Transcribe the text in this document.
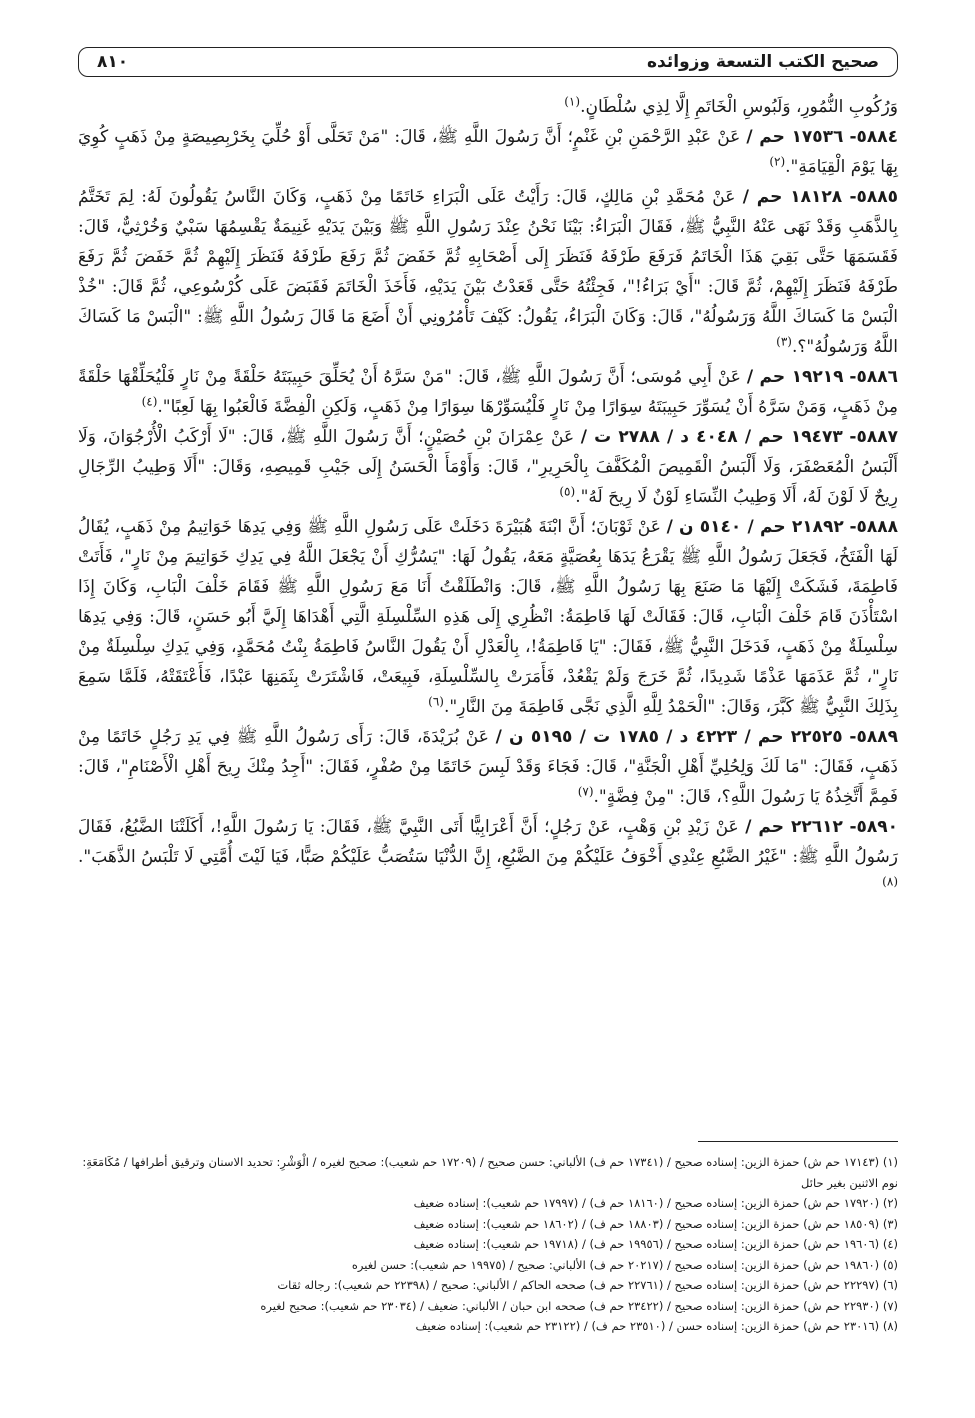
صحيح الكتب التسعة وزوائده
٨١٠

وَرُكُوبِ النُّمُورِ، وَلَبُوسِ الْخَاتَمِ إِلَّا لِذِي سُلْطَانٍ.$^{(١)}$

٥٨٨٤- ١٧٥٣٦ حم / عَنْ عَبْدِ الرَّحْمَنِ بْنِ غَنْمٍ؛ أَنَّ رَسُولَ اللَّهِ ﷺ، قَالَ: "مَنْ تَحَلَّى أَوْ حُلِّيَ بِخَرْبِصِيصَةٍ مِنْ ذَهَبٍ كُوِيَ بِهَا يَوْمَ الْقِيَامَةِ".$^{(٢)}$

٥٨٨٥- ١٨١٢٨ حم / عَنْ مُحَمَّدِ بْنِ مَالِكٍ، قَالَ: رَأَيْتُ عَلَى الْبَرَاءِ خَاتَمًا مِنْ ذَهَبٍ، وَكَانَ النَّاسُ يَقُولُونَ لَهُ: لِمَ تَخَتَّمُ بِالذَّهَبِ وَقَدْ نَهَى عَنْهُ النَّبِيُّ ﷺ، فَقَالَ الْبَرَاءُ: بَيْنَا نَحْنُ عِنْدَ رَسُولِ اللَّهِ ﷺ وَبَيْنَ يَدَيْهِ غَنِيمَةٌ يَقْسِمُهَا سَبْيٌ وَخُرْثِيٌّ، قَالَ: فَقَسَمَهَا حَتَّى بَقِيَ هَذَا الْخَاتَمُ فَرَفَعَ طَرْفَهُ فَنَظَرَ إِلَى أَصْحَابِهِ ثُمَّ خَفَضَ ثُمَّ رَفَعَ طَرْفَهُ فَنَظَرَ إِلَيْهِمْ ثُمَّ خَفَضَ ثُمَّ رَفَعَ طَرْفَهُ فَنَظَرَ إِلَيْهِمْ، ثُمَّ قَالَ: "أَيْ بَرَاءُ!"، فَجِئْتُهُ حَتَّى قَعَدْتُ بَيْنَ يَدَيْهِ، فَأَخَذَ الْخَاتَمَ فَقَبَضَ عَلَى كُرْسُوعِي، ثُمَّ قَالَ: "خُذْ الْبَسْ مَا كَسَاكَ اللَّهُ وَرَسُولُهُ"، قَالَ: وَكَانَ الْبَرَاءُ، يَقُولُ: كَيْفَ تَأْمُرُونِي أَنْ أَضَعَ مَا قَالَ رَسُولُ اللَّهِ ﷺ: "الْبَسْ مَا كَسَاكَ اللَّهُ وَرَسُولُهُ"؟.$^{(٣)}$

٥٨٨٦- ١٩٢١٩ حم / عَنْ أَبِي مُوسَى؛ أَنَّ رَسُولَ اللَّهِ ﷺ، قَالَ: "مَنْ سَرَّهُ أَنْ يُحَلِّقَ حَبِيبَتَهُ حَلْقَةً مِنْ نَارٍ فَلْيُحَلِّقْهَا حَلْقَةً مِنْ ذَهَبٍ، وَمَنْ سَرَّهُ أَنْ يُسَوِّرَ حَبِيبَتَهُ سِوَارًا مِنْ نَارٍ فَلْيُسَوِّرْهَا سِوَارًا مِنْ ذَهَبٍ، وَلَكِنِ الْفِضَّةَ فَالْعَبُوا بِهَا لَعِبًا".$^{(٤)}$

٥٨٨٧- ١٩٤٧٣ حم / ٤٠٤٨ د / ٢٧٨٨ ت / عَنْ عِمْرَانَ بْنِ حُصَيْنٍ؛ أَنَّ رَسُولَ اللَّهِ ﷺ، قَالَ: "لَا أَرْكَبُ الْأُرْجُوَانَ، وَلَا أَلْبَسُ الْمُعَصْفَرَ، وَلَا أَلْبَسُ الْقَمِيصَ الْمُكَفَّفَ بِالْحَرِيرِ"، قَالَ: وَأَوْمَأَ الْحَسَنُ إِلَى جَيْبِ قَمِيصِهِ، وَقَالَ: "أَلَا وَطِيبُ الرِّجَالِ رِيحٌ لَا لَوْنَ لَهُ، أَلَا وَطِيبُ النِّسَاءِ لَوْنٌ لَا رِيحَ لَهُ".$^{(٥)}$

٥٨٨٨- ٢١٨٩٢ حم / ٥١٤٠ ن / عَنْ ثَوْبَانَ؛ أَنَّ ابْنَةَ هُبَيْرَةَ دَخَلَتْ عَلَى رَسُولِ اللَّهِ ﷺ وَفِي يَدِهَا خَوَاتِيمُ مِنْ ذَهَبٍ، يُقَالُ لَهَا الْفَتَخُ، فَجَعَلَ رَسُولُ اللَّهِ ﷺ يَقْرَعُ يَدَهَا بِعُصَيَّةٍ مَعَهُ، يَقُولُ لَهَا: "يَسُرُّكِ أَنْ يَجْعَلَ اللَّهُ فِي يَدِكِ خَوَاتِيمَ مِنْ نَارٍ"، فَأَتَتْ فَاطِمَةَ، فَشَكَتْ إِلَيْهَا مَا صَنَعَ بِهَا رَسُولُ اللَّهِ ﷺ، قَالَ: وَانْطَلَقْتُ أَنَا مَعَ رَسُولِ اللَّهِ ﷺ فَقَامَ خَلْفَ الْبَابِ، وَكَانَ إِذَا اسْتَأْذَنَ قَامَ خَلْفَ الْبَابِ، قَالَ: فَقَالَتْ لَهَا فَاطِمَةُ: انْظُرِي إِلَى هَذِهِ السِّلْسِلَةِ الَّتِي أَهْدَاهَا إِلَيَّ أَبُو حَسَنٍ، قَالَ: وَفِي يَدِهَا سِلْسِلَةٌ مِنْ ذَهَبٍ، فَدَخَلَ النَّبِيُّ ﷺ، فَقَالَ: "يَا فَاطِمَةُ!، بِالْعَدْلِ أَنْ يَقُولَ النَّاسُ فَاطِمَةُ بِنْتُ مُحَمَّدٍ، وَفِي يَدِكِ سِلْسِلَةٌ مِنْ نَارٍ"، ثُمَّ عَذَمَهَا عَذْمًا شَدِيدًا، ثُمَّ خَرَجَ وَلَمْ يَقْعُدْ، فَأَمَرَتْ بِالسِّلْسِلَةِ، فَبِيعَتْ، فَاشْتَرَتْ بِثَمَنِهَا عَبْدًا، فَأَعْتَقَتْهُ، فَلَمَّا سَمِعَ بِذَلِكَ النَّبِيُّ ﷺ كَبَّرَ، وَقَالَ: "الْحَمْدُ لِلَّهِ الَّذِي نَجَّى فَاطِمَةَ مِنَ النَّارِ".$^{(٦)}$

٥٨٨٩- ٢٢٥٢٥ حم / ٤٢٢٣ د / ١٧٨٥ ت / ٥١٩٥ ن / عَنْ بُرَيْدَةَ، قَالَ: رَأَى رَسُولُ اللَّهِ ﷺ فِي يَدِ رَجُلٍ خَاتَمًا مِنْ ذَهَبٍ، فَقَالَ: "مَا لَكَ وَلِحُلِيِّ أَهْلِ الْجَنَّةِ"، قَالَ: فَجَاءَ وَقَدْ لَبِسَ خَاتَمًا مِنْ صُفْرٍ، فَقَالَ: "أَجِدُ مِنْكَ رِيحَ أَهْلِ الْأَصْنَامِ"، قَالَ: فَمِمَّ أَتَّخِذُهُ يَا رَسُولَ اللَّهِ؟، قَالَ: "مِنْ فِضَّةٍ".$^{(٧)}$

٥٨٩٠- ٢٢٦١٢ حم / عَنْ زَيْدِ بْنِ وَهْبٍ، عَنْ رَجُلٍ؛ أَنَّ أَعْرَابِيًّا أَتَى النَّبِيَّ ﷺ، فَقَالَ: يَا رَسُولَ اللَّهِ!، أَكَلَتْنَا الضَّبُعُ، فَقَالَ رَسُولُ اللَّهِ ﷺ: "غَيْرُ الضَّبُعِ عِنْدِي أَخْوَفُ عَلَيْكُمْ مِنَ الضَّبُعِ، إِنَّ الدُّنْيَا سَتُصَبُّ عَلَيْكُمْ صَبًّا، فَيَا لَيْتَ أُمَّتِي لَا تَلْبَسُ الذَّهَبَ".$^{(٨)}$

(١) (١٧١٤٣ حم ش) حمزة الزين: إسناده صحيح / (١٧٣٤١ حم ف) الألباني: حسن صحيح / (١٧٢٠٩ حم شعيب): صحيح لغيره / الْوَشْرِ: تحديد الاسنان وترقيق أطرافها / مُكَامَعَةِ: نوم الاثنين بغير حائل

(٢) (١٧٩٢٠ حم ش) حمزة الزين: إسناده صحيح / (١٨١٦٠ حم ف) / (١٧٩٩٧ حم شعيب): إسناده ضعيف

(٣) (١٨٥٠٩ حم ش) حمزة الزين: إسناده صحيح / (١٨٨٠٣ حم ف) / (١٨٦٠٢ حم شعيب): إسناده ضعيف

(٤) (١٩٦٠٦ حم ش) حمزة الزين: إسناده صحيح / (١٩٩٥٦ حم ف) / (١٩٧١٨ حم شعيب): إسناده ضعيف

(٥) (١٩٨٦٠ حم ش) حمزة الزين: إسناده صحيح / (٢٠٢١٧ حم ف) الألباني: صحيح / (١٩٩٧٥ حم شعيب): حسن لغيره

(٦) (٢٢٢٩٧ حم ش) حمزة الزين: إسناده صحيح / (٢٢٧٦١ حم ف) صححه الحاكم / الألباني: صحيح / (٢٢٣٩٨ حم شعيب): رجاله ثقات

(٧) (٢٢٩٣٠ حم ش) حمزة الزين: إسناده صحيح / (٢٣٤٢٢ حم ف) صححه ابن حبان / الألباني: ضعيف / (٢٣٠٣٤ حم شعيب): صحيح لغيره

(٨) (٢٣٠١٦ حم ش) حمزة الزين: إسناده حسن / (٢٣٥١٠ حم ف) / (٢٣١٢٢ حم شعيب): إسناده ضعيف
